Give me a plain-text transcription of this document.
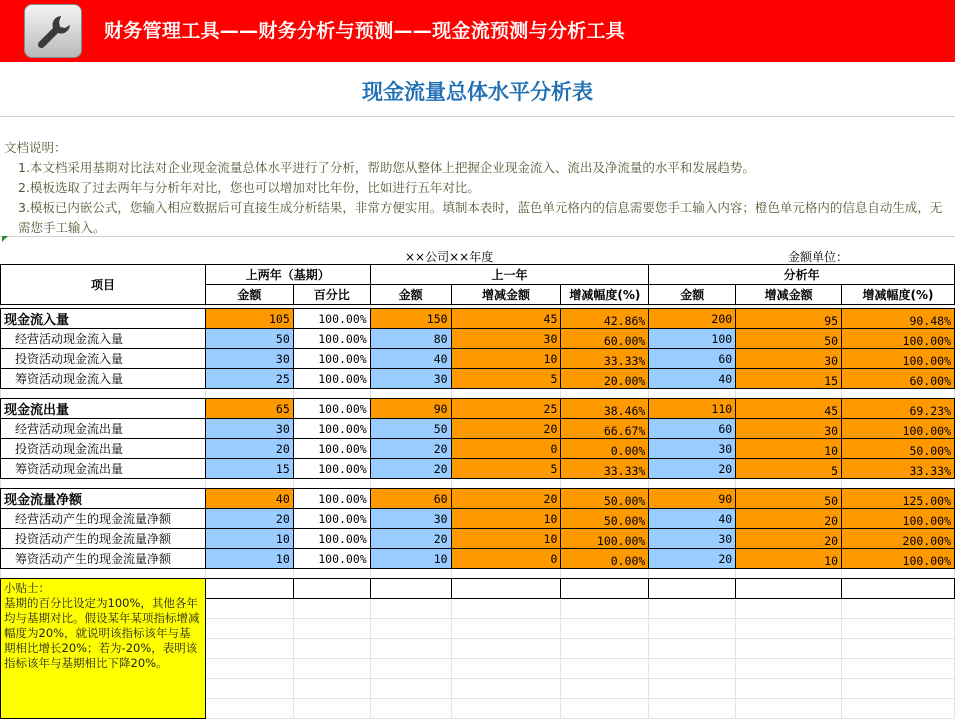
财务管理工具——财务分析与预测——现金流预测与分析工具
现金流量总体水平分析表
文档说明：
1.本文档采用基期对比法对企业现金流量总体水平进行了分析，帮助您从整体上把握企业现金流入、流出及净流量的水平和发展趋势。
2.模板选取了过去两年与分析年对比，您也可以增加对比年份，比如进行五年对比。
3.模板已内嵌公式，您输入相应数据后可直接生成分析结果，非常方便实用。填制本表时，蓝色单元格内的信息需要您手工输入内容；橙色单元格内的信息自动生成，无需您手工输入。
××公司××年度	金额单位：
项目	上两年（基期）		上一年			分析年		
	金额	百分比	金额	增减金额	增减幅度(%)	金额	增减金额	增减幅度(%)

现金流入量	105	100.00%	150	45	42.86%	200	95	90.48%
经营活动现金流入量	50	100.00%	80	30	60.00%	100	50	100.00%
投资活动现金流入量	30	100.00%	40	10	33.33%	60	30	100.00%
筹资活动现金流入量	25	100.00%	30	5	20.00%	40	15	60.00%

现金流出量	65	100.00%	90	25	38.46%	110	45	69.23%
经营活动现金流出量	30	100.00%	50	20	66.67%	60	30	100.00%
投资活动现金流出量	20	100.00%	20	0	0.00%	30	10	50.00%
筹资活动现金流出量	15	100.00%	20	5	33.33%	20	5	33.33%

现金流量净额	40	100.00%	60	20	50.00%	90	50	125.00%
经营活动产生的现金流量净额	20	100.00%	30	10	50.00%	40	20	100.00%
投资活动产生的现金流量净额	10	100.00%	20	10	100.00%	30	20	200.00%
筹资活动产生的现金流量净额	10	100.00%	10	0	0.00%	20	10	100.00%

小贴士：
基期的百分比设定为100%，其他各年均与基期对比。假设某年某项指标增减幅度为20%，就说明该指标该年与基期相比增长20%；若为-20%，表明该指标该年与基期相比下降20%。								
